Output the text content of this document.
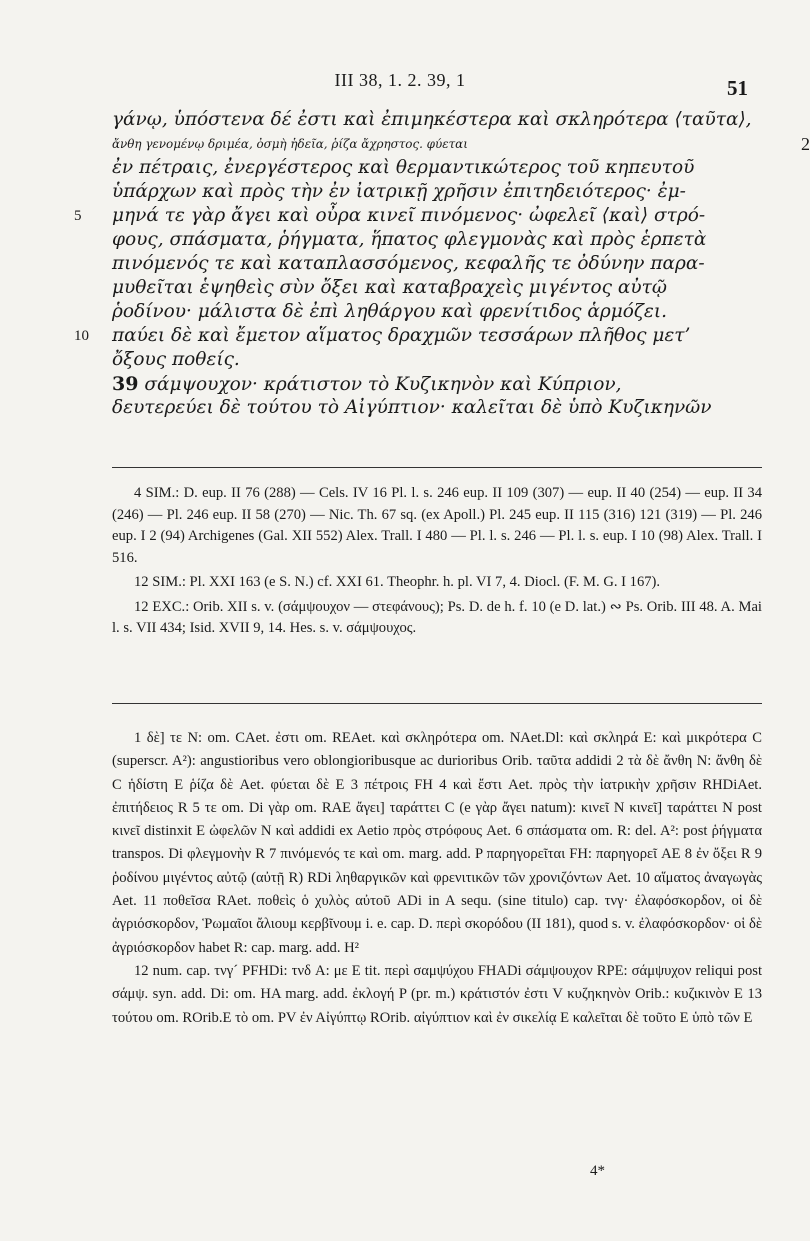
III 38, 1. 2. 39, 1	51
γάνῳ, ὑπόστενα δέ ἐστι καὶ ἐπιμηκέστερα καὶ σκληρότερα ⟨ταῦτα⟩,
ἄνθη γενομένῳ δριμέα, ὀσμὴ ἡδεῖα, ῥίζα ἄχρηστος. φύεται	2
ἐν πέτραις, ἐνεργέστερος καὶ θερμαντικώτερος τοῦ κηπευτοῦ
ὑπάρχων καὶ πρὸς τὴν ἐν ἰατρικῇ χρῆσιν ἐπιτηδειότερος· ἐμ-
5 μηνά τε γὰρ ἄγει καὶ οὖρα κινεῖ πινόμενος· ὠφελεῖ ⟨καὶ⟩ στρό-
φους, σπάσματα, ῥήγματα, ἥπατος φλεγμονὰς καὶ πρὸς ἑρπετὰ
πινόμενός τε καὶ καταπλασσόμενος, κεφαλῆς τε ὀδύνην παρα-
μυθεῖται ἑψηθεὶς σὺν ὄξει καὶ καταβραχεὶς μιγέντος αὐτῷ
ῥοδίνου· μάλιστα δὲ ἐπὶ ληθάργου καὶ φρενίτιδος ἁρμόζει.
10 παύει δὲ καὶ ἔμετον αἵματος δραχμῶν τεσσάρων πλῆθος μετ’
ὄξους ποθείς.
39 σάμψουχον· κράτιστον τὸ Κυζικηνὸν καὶ Κύπριον,
δευτερεύει δὲ τούτου τὸ Αἰγύπτιον· καλεῖται δὲ ὑπὸ Κυζικηνῶν

4 SIM.: D. eup. II 76 (288) — Cels. IV 16 Pl. l. s. 246 eup. II 109 (307) — eup. II 40 (254) — eup. II 34 (246) — Pl. 246 eup. II 58 (270) — Nic. Th. 67 sq. (ex Apoll.) Pl. 245 eup. II 115 (316) 121 (319) — Pl. 246 eup. I 2 (94) Archigenes (Gal. XII 552) Alex. Trall. I 480 — Pl. l. s. 246 — Pl. l. s. eup. I 10 (98) Alex. Trall. I 516.

12 SIM.: Pl. XXI 163 (e S. N.) cf. XXI 61. Theophr. h. pl. VI 7, 4. Diocl. (F. M. G. I 167).

12 EXC.: Orib. XII s. v. (σάμψουχον — στεφάνους); Ps. D. de h. f. 10 (e D. lat.) ∾ Ps. Orib. III 48. A. Mai l. s. VII 434; Isid. XVII 9, 14. Hes. s. v. σάμψουχος.

1 δὲ] τε N: om. CAet. ἐστι om. REAet. καὶ σκληρότερα om. NAet.Dl: καὶ σκληρά E: καὶ μικρότερα C (superscr. A²): angustioribus vero oblongioribusque ac durioribus Orib. ταῦτα addidi 2 τὰ δὲ ἄνθη N: ἄνθη δὲ C ἡδίστη E ῥίζα δὲ Aet. φύεται δὲ E 3 πέτροις FH 4 καὶ ἔστι Aet. πρὸς τὴν ἰατρικὴν χρῆσιν RHDiAet. ἐπιτήδειος R 5 τε om. Di γὰρ om. RAE ἄγει] ταράττει C (e γὰρ ἄγει natum): κινεῖ N κινεῖ] ταράττει N post κινεῖ distinxit E ὠφελῶν N καὶ addidi ex Aetio πρὸς στρόφους Aet. 6 σπάσματα om. R: del. A²: post ῥήγματα transpos. Di φλεγμονὴν R 7 πινόμενός τε καὶ om. marg. add. P παρηγορεῖται FH: παρηγορεῖ AE 8 ἐν ὄξει R 9 ῥοδίνου μιγέντος αὐτῷ (αὐτῇ R) RDi ληθαργικῶν καὶ φρενιτικῶν τῶν χρονιζόντων Aet. 10 αἵματος ἀναγωγὰς Aet. 11 ποθεῖσα RAet. ποθεὶς ὁ χυλὸς αὐτοῦ ADi in A sequ. (sine titulo) cap. τνγ· ἐλαφόσκορδον, οἱ δὲ ἀγριόσκορδον, Ῥωμαῖοι ἄλιουμ κερβῖνουμ i. e. cap. D. περὶ σκορόδου (II 181), quod s. v. ἐλαφόσκορδον· οἱ δὲ ἀγριόσκορδον habet R: cap. marg. add. H²

12 num. cap. τνγ´ PFHDi: τνδ A: με E tit. περὶ σαμψύχου FHADi σάμψουχον RPE: σάμψυχον reliqui post σάμψ. syn. add. Di: om. HA marg. add. ἐκλογή P (pr. m.) κράτιστόν ἐστι V κυζηκηνὸν Orib.: κυζικινὸν E 13 τούτου om. ROrib.E τὸ om. PV ἐν Αἰγύπτῳ ROrib. αἰγύπτιον καὶ ἐν σικελίᾳ E καλεῖται δὲ τοῦτο E ὑπὸ τῶν E

4*
